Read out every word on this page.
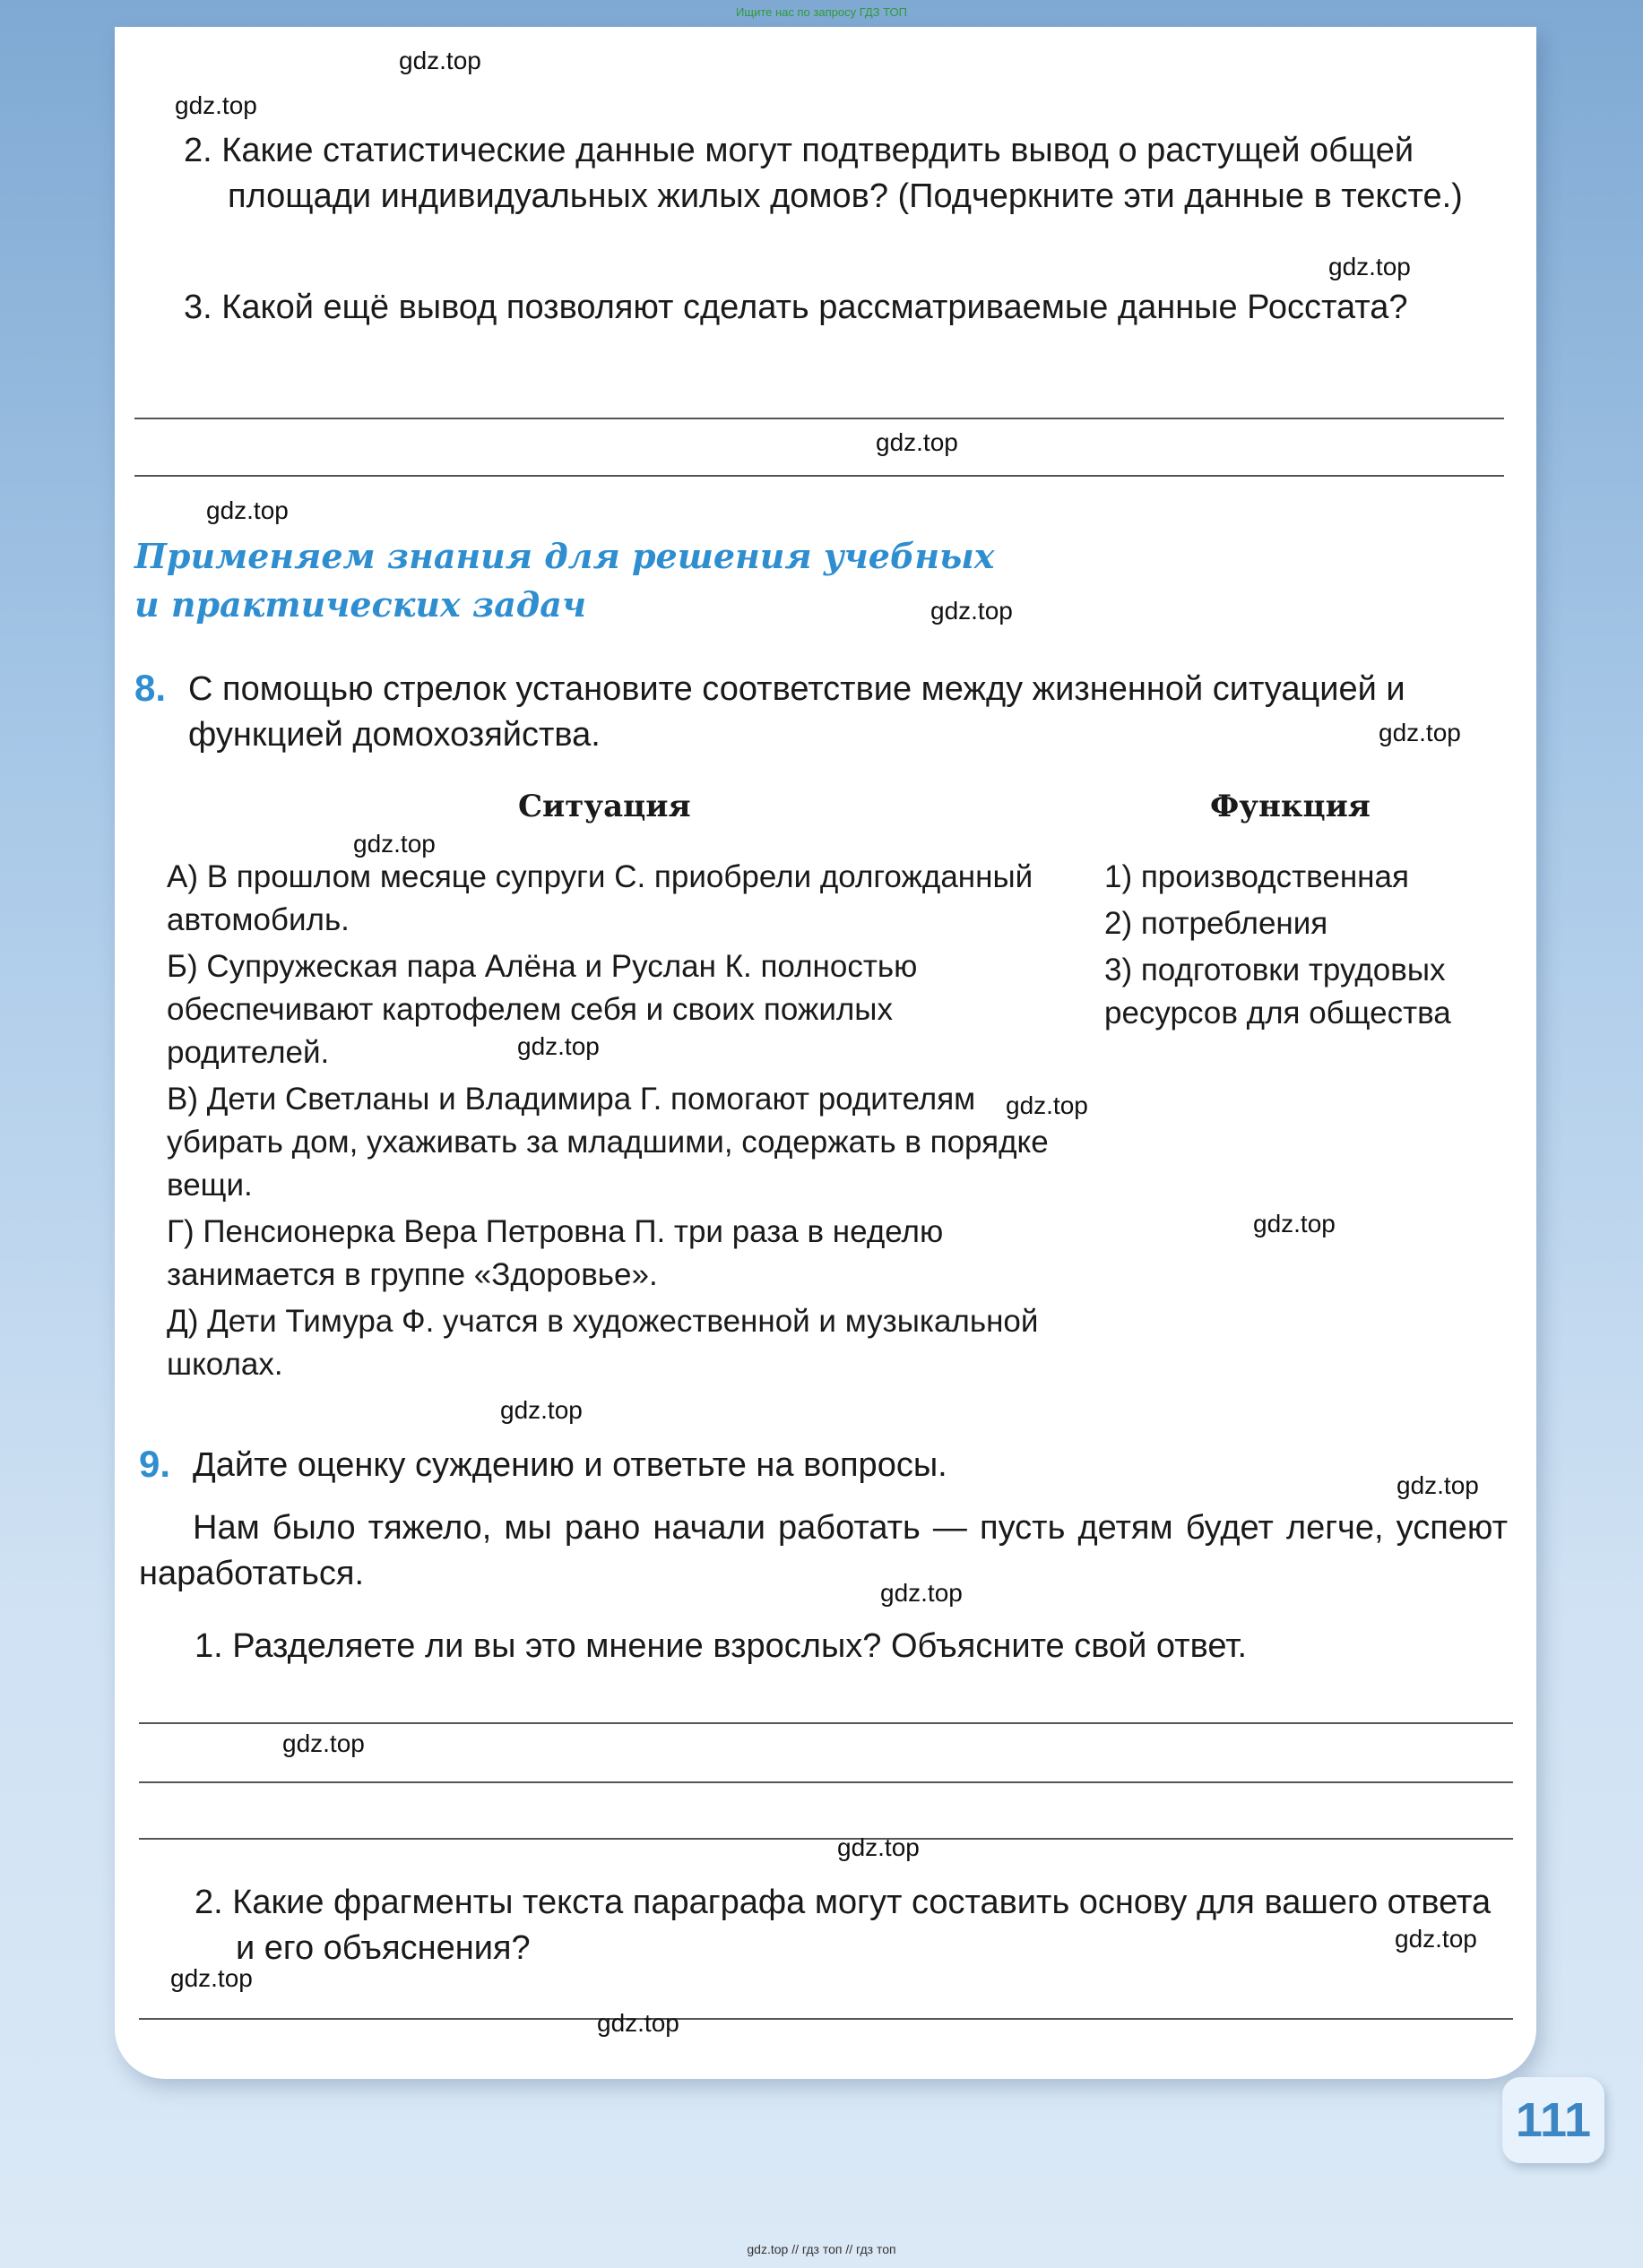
Ищите нас по запросу ГДЗ ТОП
2. Какие статистические данные могут подтвердить вывод о растущей общей площади индивидуальных жилых домов? (Подчеркните эти данные в тексте.)
3. Какой ещё вывод позволяют сделать рассматриваемые данные Росстата?
Применяем знания для решения учебных
и практических задач
8. С помощью стрелок установите соответствие между жизненной ситуацией и функцией домохозяйства.
Ситуация	Функция
А) В прошлом месяце супруги С. приобрели долгожданный автомобиль.
Б) Супружеская пара Алёна и Руслан К. полностью обеспечивают картофелем себя и своих пожилых родителей.
В) Дети Светланы и Владимира Г. помогают родителям убирать дом, ухаживать за младшими, содержать в порядке вещи.
Г) Пенсионерка Вера Петровна П. три раза в неделю занимается в группе «Здоровье».
Д) Дети Тимура Ф. учатся в художественной и музыкальной школах.
1) производственная
2) потребления
3) подготовки трудовых ресурсов для общества
9. Дайте оценку суждению и ответьте на вопросы.
Нам было тяжело, мы рано начали работать — пусть детям будет легче, успеют наработаться.
1. Разделяете ли вы это мнение взрослых? Объясните свой ответ.
2. Какие фрагменты текста параграфа могут составить основу для вашего ответа и его объяснения?
gdz.top
gdz.top
gdz.top
gdz.top
gdz.top
gdz.top
gdz.top
gdz.top
gdz.top
gdz.top
gdz.top
gdz.top
gdz.top
gdz.top
gdz.top
gdz.top
gdz.top
gdz.top
gdz.top
111
gdz.top // гдз топ // гдз топ
